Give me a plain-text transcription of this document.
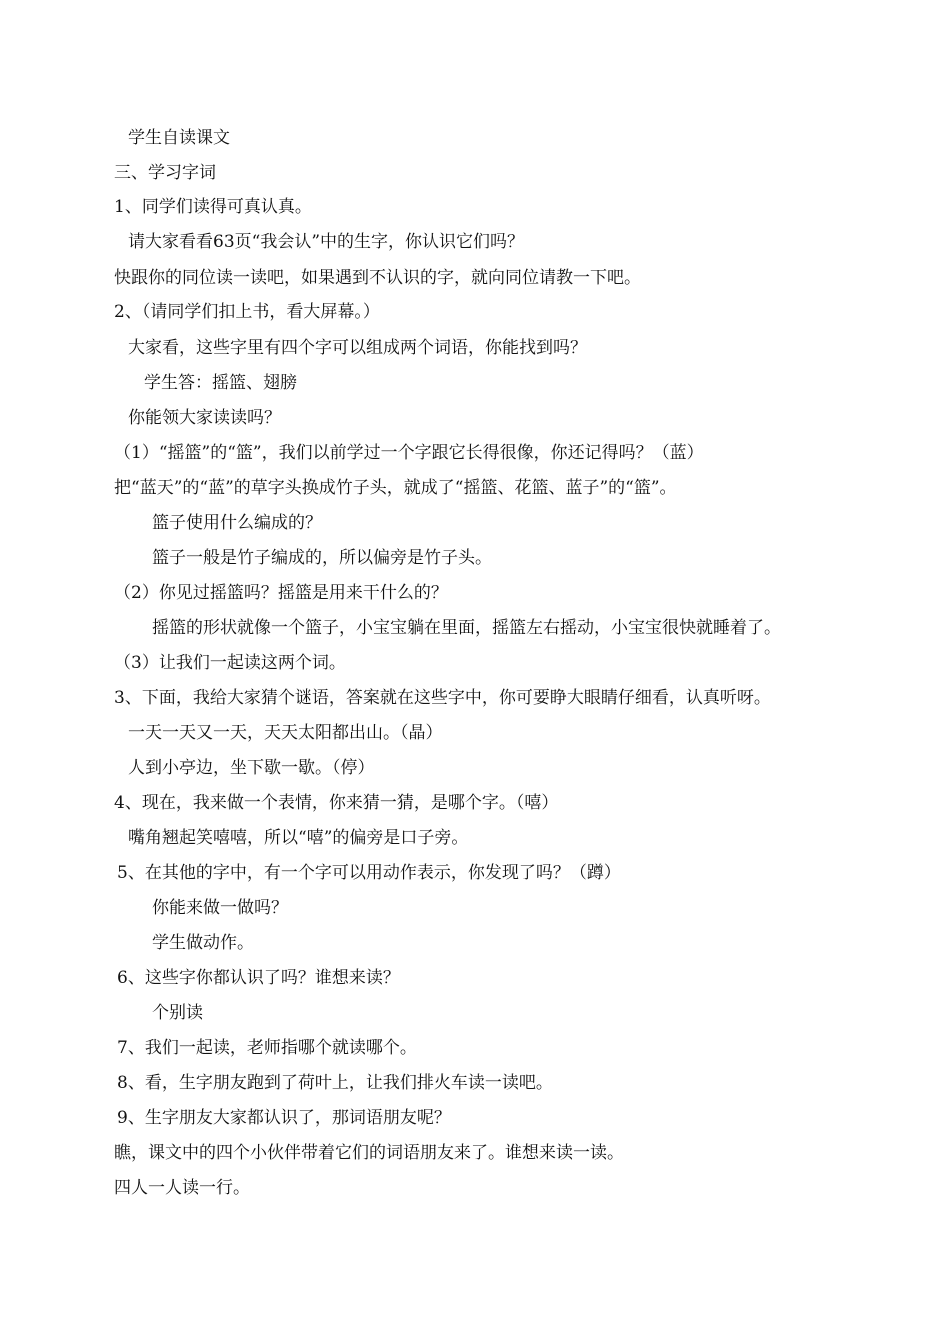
学生自读课文
三、学习字词
1、同学们读得可真认真。
请大家看看63页“我会认”中的生字，你认识它们吗？
快跟你的同位读一读吧，如果遇到不认识的字，就向同位请教一下吧。
2、（请同学们扣上书，看大屏幕。）
大家看，这些字里有四个字可以组成两个词语，你能找到吗？
学生答：摇篮、翅膀
你能领大家读读吗？
（1）“摇篮”的“篮”，我们以前学过一个字跟它长得很像，你还记得吗？（蓝）
把“蓝天”的“蓝”的草字头换成竹子头，就成了“摇篮、花篮、蓝子”的“篮”。
篮子使用什么编成的？
篮子一般是竹子编成的，所以偏旁是竹子头。
（2）你见过摇篮吗？摇篮是用来干什么的？
摇篮的形状就像一个篮子，小宝宝躺在里面，摇篮左右摇动，小宝宝很快就睡着了。
（3）让我们一起读这两个词。
3、下面，我给大家猜个谜语，答案就在这些字中，你可要睁大眼睛仔细看，认真听呀。
一天一天又一天，天天太阳都出山。（晶）
人到小亭边，坐下歇一歇。（停）
4、现在，我来做一个表情，你来猜一猜，是哪个字。（嘻）
嘴角翘起笑嘻嘻，所以“嘻”的偏旁是口子旁。
5、在其他的字中，有一个字可以用动作表示，你发现了吗？（蹲）
你能来做一做吗？
学生做动作。
6、这些字你都认识了吗？谁想来读？
个别读
7、我们一起读，老师指哪个就读哪个。
8、看，生字朋友跑到了荷叶上，让我们排火车读一读吧。
9、生字朋友大家都认识了，那词语朋友呢？
瞧，课文中的四个小伙伴带着它们的词语朋友来了。谁想来读一读。
四人一人读一行。
